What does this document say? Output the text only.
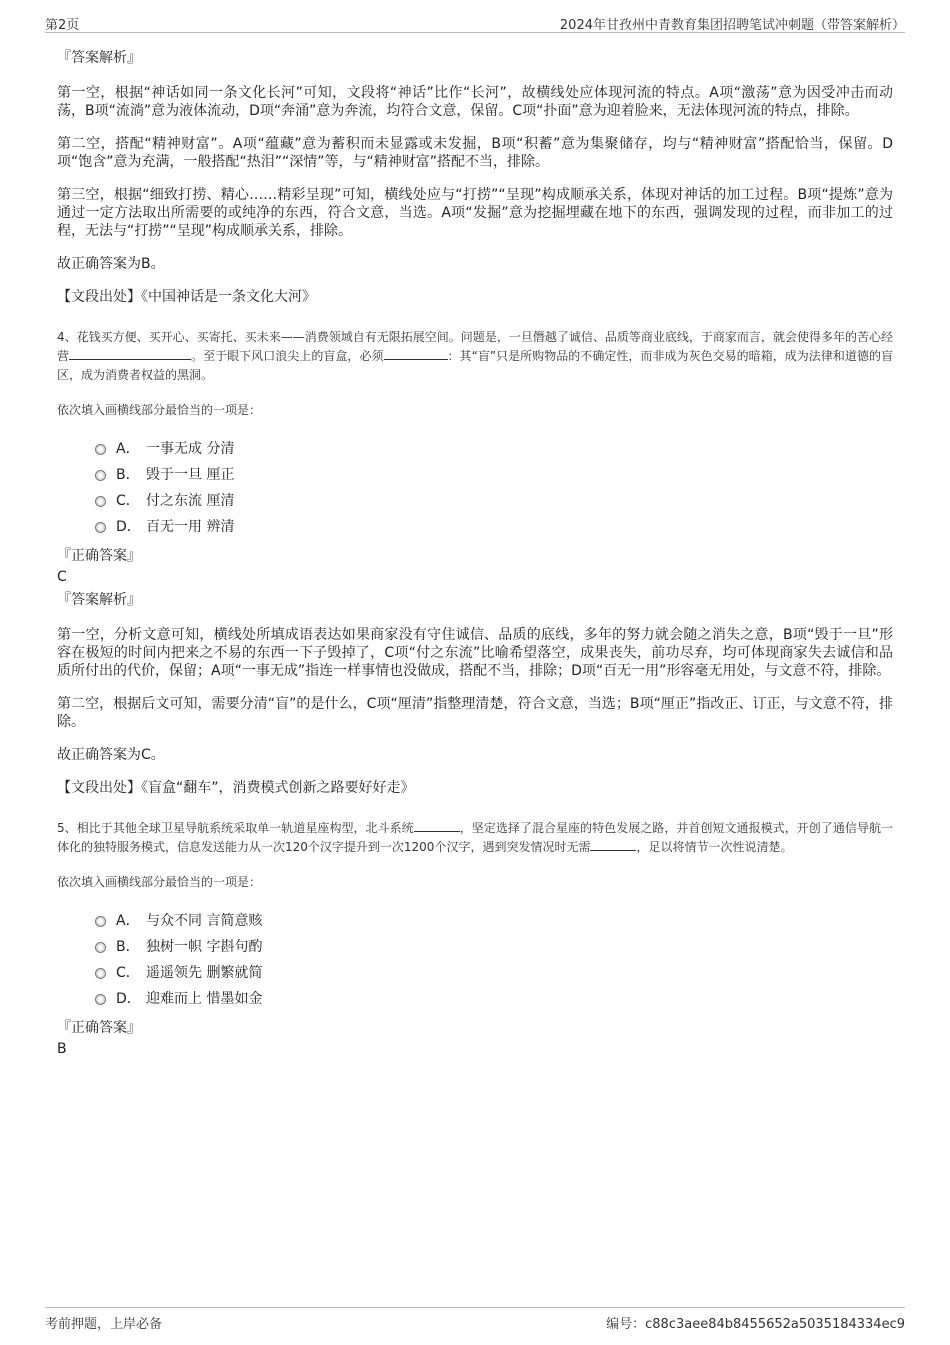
第2页	2024年甘孜州中青教育集团招聘笔试冲刺题（带答案解析）
『答案解析』

第一空，根据“神话如同一条文化长河”可知，文段将“神话”比作“长河”，故横线处应体现河流的特点。A项“激荡”意为因受冲击而动荡，B项“流淌”意为液体流动，D项“奔涌”意为奔流，均符合文意，保留。C项“扑面”意为迎着脸来，无法体现河流的特点，排除。

第二空，搭配“精神财富”。A项“蕴藏”意为蓄积而未显露或未发掘，B项“积蓄”意为集聚储存，均与“精神财富”搭配恰当，保留。D项“饱含”意为充满，一般搭配“热泪”“深情”等，与“精神财富”搭配不当，排除。

第三空，根据“细致打捞、精心……精彩呈现”可知，横线处应与“打捞”“呈现”构成顺承关系，体现对神话的加工过程。B项“提炼”意为通过一定方法取出所需要的或纯净的东西，符合文意，当选。A项“发掘”意为挖掘埋藏在地下的东西，强调发现的过程，而非加工的过程，无法与“打捞”“呈现”构成顺承关系，排除。

故正确答案为B。

【文段出处】《中国神话是一条文化大河》

4、花钱买方便、买开心、买寄托、买未来——消费领域自有无限拓展空间。问题是，一旦僭越了诚信、品质等商业底线，于商家而言，就会使得多年的苦心经营	。至于眼下风口浪尖上的盲盒，必须	：其“盲”只是所购物品的不确定性，而非成为灰色交易的暗箱，成为法律和道德的盲区，成为消费者权益的黑洞。

依次填入画横线部分最恰当的一项是：
A． 一事无成 分清
B． 毁于一旦 厘正
C． 付之东流 厘清
D． 百无一用 辨清
『正确答案』
C
『答案解析』

第一空，分析文意可知，横线处所填成语表达如果商家没有守住诚信、品质的底线，多年的努力就会随之消失之意，B项“毁于一旦”形容在极短的时间内把来之不易的东西一下子毁掉了，C项“付之东流”比喻希望落空，成果丧失，前功尽弃，均可体现商家失去诚信和品质所付出的代价，保留；A项“一事无成”指连一样事情也没做成，搭配不当，排除；D项“百无一用”形容毫无用处，与文意不符，排除。

第二空，根据后文可知，需要分清“盲”的是什么，C项“厘清”指整理清楚，符合文意，当选；B项“厘正”指改正、订正，与文意不符，排除。

故正确答案为C。

【文段出处】《盲盒“翻车”，消费模式创新之路要好好走》

5、相比于其他全球卫星导航系统采取单一轨道星座构型，北斗系统	，坚定选择了混合星座的特色发展之路，并首创短文通报模式，开创了通信导航一体化的独特服务模式，信息发送能力从一次120个汉字提升到一次1200个汉字，遇到突发情况时无需	，足以将情节一次性说清楚。

依次填入画横线部分最恰当的一项是：
A． 与众不同 言简意赅
B． 独树一帜 字斟句酌
C． 遥遥领先 删繁就简
D． 迎难而上 惜墨如金
『正确答案』
B
考前押题，上岸必备	编号：c88c3aee84b8455652a5035184334ec9
